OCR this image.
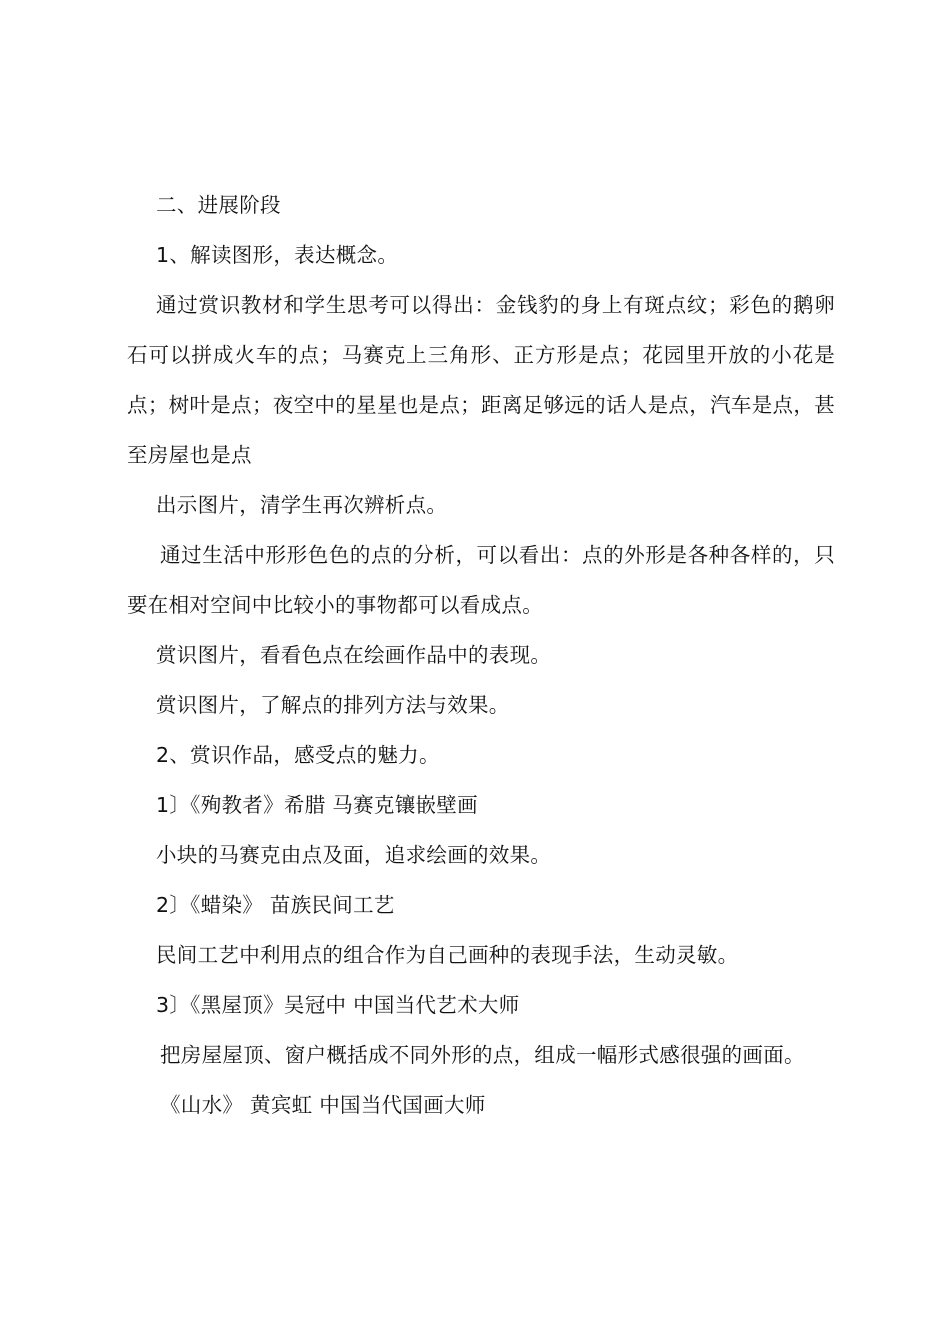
二、进展阶段

1、解读图形，表达概念。

通过赏识教材和学生思考可以得出：金钱豹的身上有斑点纹；彩色的鹅卵石可以拼成火车的点；马赛克上三角形、正方形是点；花园里开放的小花是点；树叶是点；夜空中的星星也是点；距离足够远的话人是点，汽车是点，甚至房屋也是点

出示图片，清学生再次辨析点。

通过生活中形形色色的点的分析，可以看出：点的外形是各种各样的，只要在相对空间中比较小的事物都可以看成点。

赏识图片，看看色点在绘画作品中的表现。

赏识图片，了解点的排列方法与效果。

2、赏识作品，感受点的魅力。

1〕《殉教者》希腊 马赛克镶嵌壁画

小块的马赛克由点及面，追求绘画的效果。

2〕《蜡染》 苗族民间工艺

民间工艺中利用点的组合作为自己画种的表现手法，生动灵敏。

3〕《黑屋顶》吴冠中 中国当代艺术大师

把房屋屋顶、窗户概括成不同外形的点，组成一幅形式感很强的画面。

《山水》 黄宾虹 中国当代国画大师
